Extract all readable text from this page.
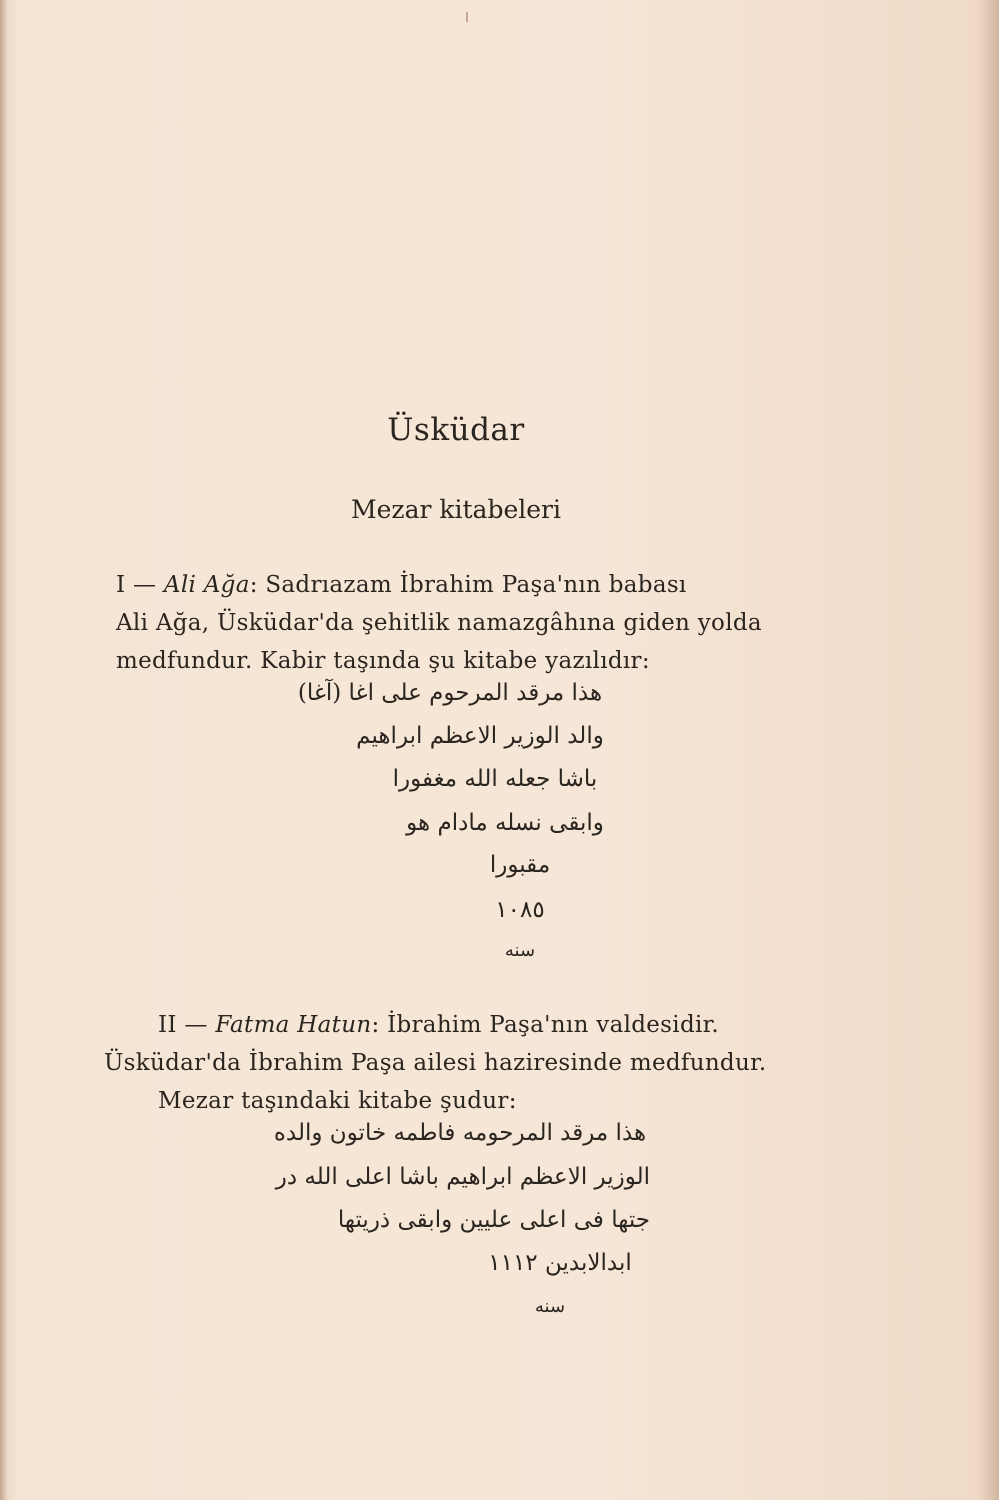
Üsküdar
Mezar kitabeleri
I — Ali Ağa: Sadrıazam İbrahim Paşa'nın babası
Ali Ağa, Üsküdar'da şehitlik namazgâhına giden yolda
medfundur. Kabir taşında şu kitabe yazılıdır:
هذا مرقد المرحوم علی اغا (آغا)
والد الوزیر الاعظم ابراهیم
باشا جعله الله مغفورا
وابقی نسله مادام هو
مقبورا
١٠٨٥
سنه
II — Fatma Hatun: İbrahim Paşa'nın valdesidir.
Üsküdar'da İbrahim Paşa ailesi haziresinde medfundur.
Mezar taşındaki kitabe şudur:
هذا مرقد المرحومه فاطمه خاتون والده
الوزیر الاعظم ابراهیم باشا اعلی الله در
جتها فی اعلی علیین وابقی ذریتها
ابدالابدین ١١١٢
سنه
